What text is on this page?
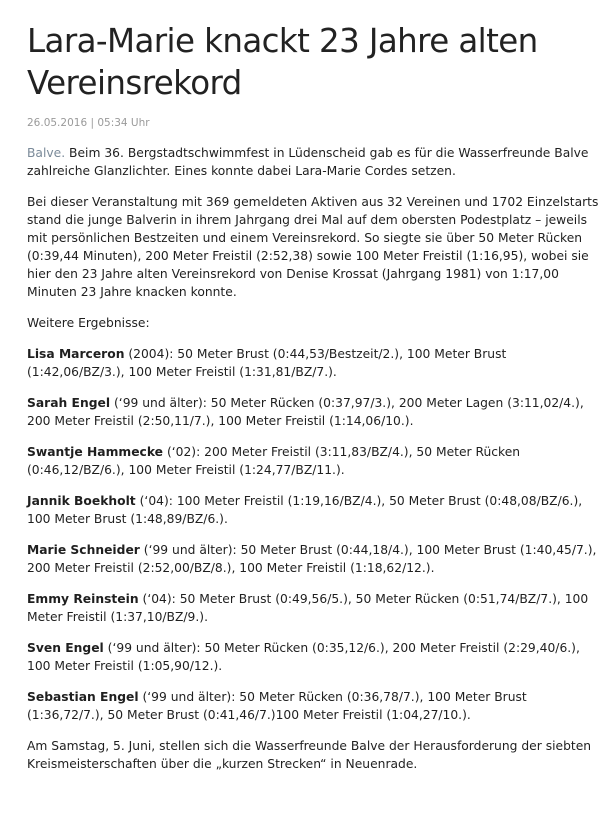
Lara-Marie knackt 23 Jahre alten Vereinsrekord
26.05.2016 | 05:34 Uhr

Balve. Beim 36. Bergstadtschwimmfest in Lüdenscheid gab es für die Wasserfreunde Balve zahlreiche Glanzlichter. Eines konnte dabei Lara-Marie Cordes setzen.

Bei dieser Veranstaltung mit 369 gemeldeten Aktiven aus 32 Vereinen und 1702 Einzelstarts stand die junge Balverin in ihrem Jahrgang drei Mal auf dem obersten Podestplatz – jeweils mit persönlichen Bestzeiten und einem Vereinsrekord. So siegte sie über 50 Meter Rücken (0:39,44 Minuten), 200 Meter Freistil (2:52,38) sowie 100 Meter Freistil (1:16,95), wobei sie hier den 23 Jahre alten Vereinsrekord von Denise Krossat (Jahrgang 1981) von 1:17,00 Minuten 23 Jahre knacken konnte.

Weitere Ergebnisse:

Lisa Marceron (2004): 50 Meter Brust (0:44,53/Bestzeit/2.), 100 Meter Brust (1:42,06/BZ/3.), 100 Meter Freistil (1:31,81/BZ/7.).

Sarah Engel (‘99 und älter): 50 Meter Rücken (0:37,97/3.), 200 Meter Lagen (3:11,02/4.), 200 Meter Freistil (2:50,11/7.), 100 Meter Freistil (1:14,06/10.).

Swantje Hammecke (‘02): 200 Meter Freistil (3:11,83/BZ/4.), 50 Meter Rücken (0:46,12/BZ/6.), 100 Meter Freistil (1:24,77/BZ/11.).

Jannik Boekholt (‘04): 100 Meter Freistil (1:19,16/BZ/4.), 50 Meter Brust (0:48,08/BZ/6.), 100 Meter Brust (1:48,89/BZ/6.).

Marie Schneider (‘99 und älter): 50 Meter Brust (0:44,18/4.), 100 Meter Brust (1:40,45/7.), 200 Meter Freistil (2:52,00/BZ/8.), 100 Meter Freistil (1:18,62/12.).

Emmy Reinstein (‘04): 50 Meter Brust (0:49,56/5.), 50 Meter Rücken (0:51,74/BZ/7.), 100 Meter Freistil (1:37,10/BZ/9.).

Sven Engel (‘99 und älter): 50 Meter Rücken (0:35,12/6.), 200 Meter Freistil (2:29,40/6.), 100 Meter Freistil (1:05,90/12.).

Sebastian Engel (‘99 und älter): 50 Meter Rücken (0:36,78/7.), 100 Meter Brust (1:36,72/7.), 50 Meter Brust (0:41,46/7.)100 Meter Freistil (1:04,27/10.).

Am Samstag, 5. Juni, stellen sich die Wasserfreunde Balve der Herausforderung der siebten Kreismeisterschaften über die „kurzen Strecken“ in Neuenrade.
